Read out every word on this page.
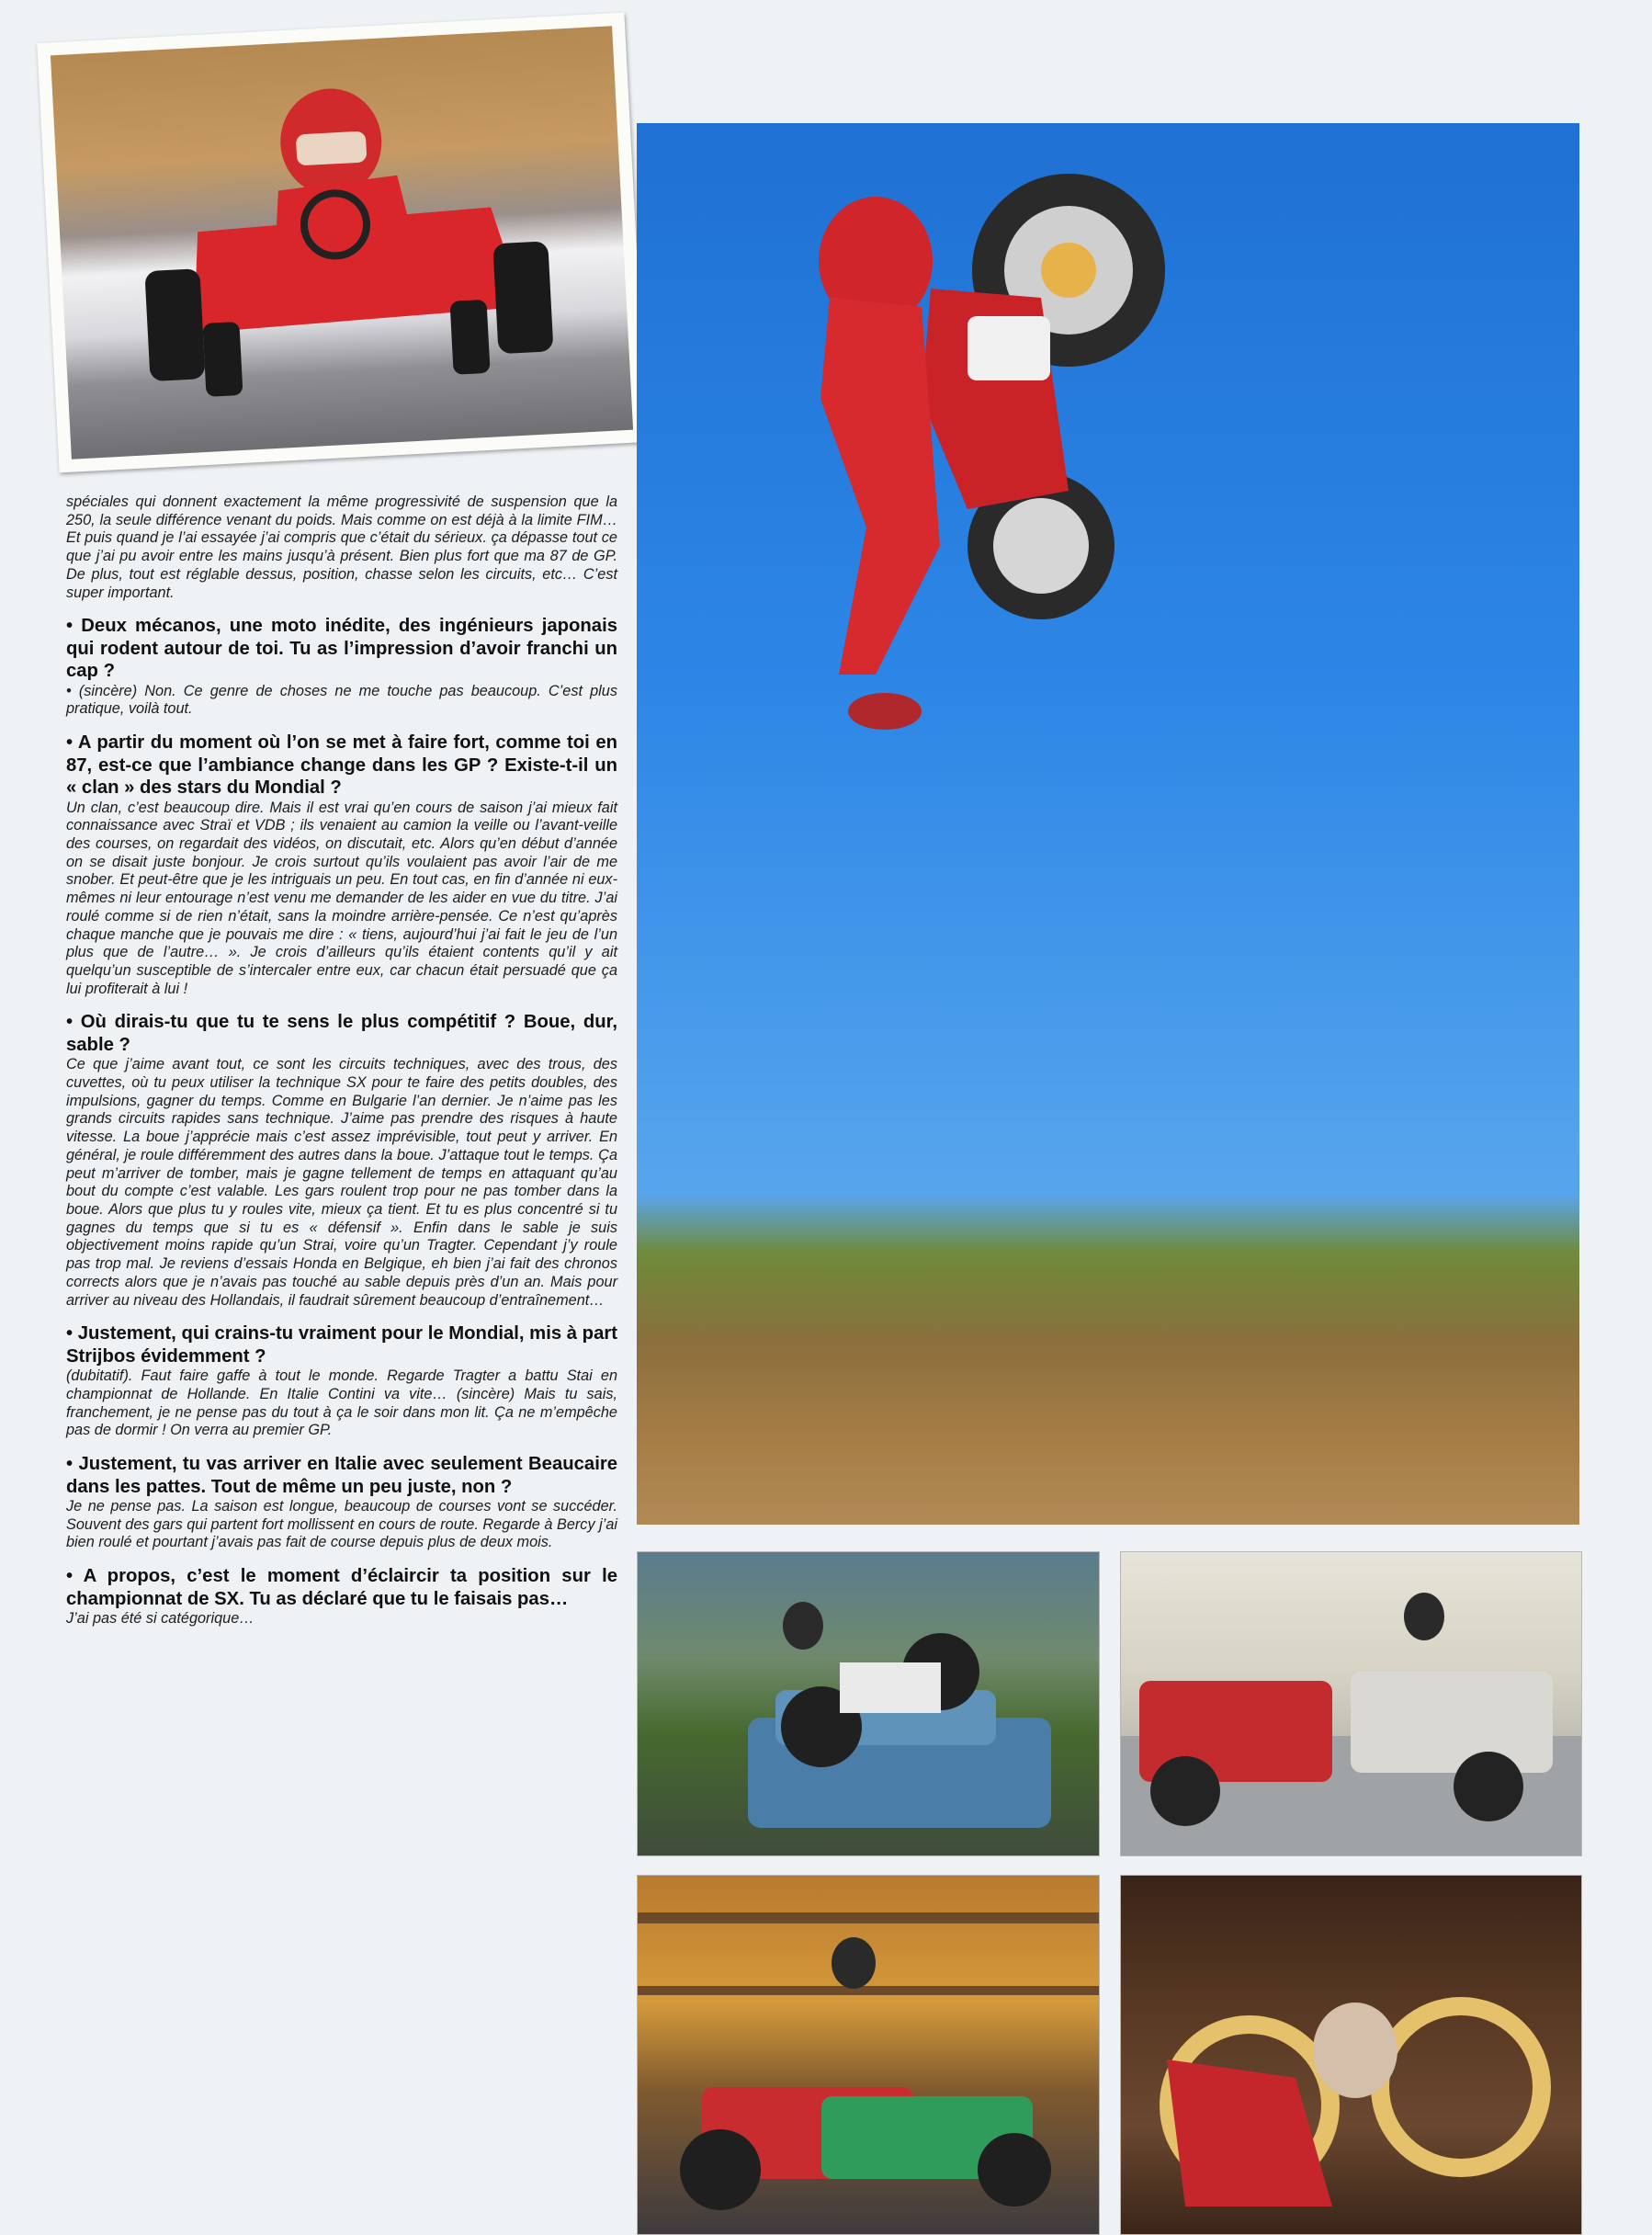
spéciales qui donnent exactement la même progressivité de suspension que la 250, la seule différence venant du poids. Mais comme on est déjà à la limite FIM… Et puis quand je l’ai essayée j’ai compris que c’était du sérieux. ça dépasse tout ce que j’ai pu avoir entre les mains jusqu’à présent. Bien plus fort que ma 87 de GP. De plus, tout est réglable dessus, position, chasse selon les circuits, etc… C’est super important.

• Deux mécanos, une moto inédite, des ingénieurs japonais qui rodent autour de toi. Tu as l’impression d’avoir franchi un cap ?

• (sincère) Non. Ce genre de choses ne me touche pas beaucoup. C’est plus pratique, voilà tout.

• A partir du moment où l’on se met à faire fort, comme toi en 87, est-ce que l’ambiance change dans les GP ? Existe-t-il un « clan » des stars du Mondial ?

Un clan, c’est beaucoup dire. Mais il est vrai qu’en cours de saison j’ai mieux fait connaissance avec Straï et VDB ; ils venaient au camion la veille ou l’avant-veille des courses, on regardait des vidéos, on discutait, etc. Alors qu’en début d’année on se disait juste bonjour. Je crois surtout qu’ils voulaient pas avoir l’air de me snober. Et peut-être que je les intriguais un peu. En tout cas, en fin d’année ni eux-mêmes ni leur entourage n’est venu me demander de les aider en vue du titre. J’ai roulé comme si de rien n’était, sans la moindre arrière-pensée. Ce n’est qu’après chaque manche que je pouvais me dire : « tiens, aujourd’hui j’ai fait le jeu de l’un plus que de l’autre… ». Je crois d’ailleurs qu’ils étaient contents qu’il y ait quelqu’un susceptible de s’intercaler entre eux, car chacun était persuadé que ça lui profiterait à lui !

• Où dirais-tu que tu te sens le plus compétitif ? Boue, dur, sable ?

Ce que j’aime avant tout, ce sont les circuits techniques, avec des trous, des cuvettes, où tu peux utiliser la technique SX pour te faire des petits doubles, des impulsions, gagner du temps. Comme en Bulgarie l’an dernier. Je n’aime pas les grands circuits rapides sans technique. J’aime pas prendre des risques à haute vitesse. La boue j’apprécie mais c’est assez imprévisible, tout peut y arriver. En général, je roule différemment des autres dans la boue. J’attaque tout le temps. Ça peut m’arriver de tomber, mais je gagne tellement de temps en attaquant qu’au bout du compte c’est valable. Les gars roulent trop pour ne pas tomber dans la boue. Alors que plus tu y roules vite, mieux ça tient. Et tu es plus concentré si tu gagnes du temps que si tu es « défensif ». Enfin dans le sable je suis objectivement moins rapide qu’un Strai, voire qu’un Tragter. Cependant j’y roule pas trop mal. Je reviens d’essais Honda en Belgique, eh bien j’ai fait des chronos corrects alors que je n’avais pas touché au sable depuis près d’un an. Mais pour arriver au niveau des Hollandais, il faudrait sûrement beaucoup d’entraînement…

• Justement, qui crains-tu vraiment pour le Mondial, mis à part Strijbos évidemment ?

(dubitatif). Faut faire gaffe à tout le monde. Regarde Tragter a battu Stai en championnat de Hollande. En Italie Contini va vite… (sincère) Mais tu sais, franchement, je ne pense pas du tout à ça le soir dans mon lit. Ça ne m’empêche pas de dormir ! On verra au premier GP.

• Justement, tu vas arriver en Italie avec seulement Beaucaire dans les pattes. Tout de même un peu juste, non ?

Je ne pense pas. La saison est longue, beaucoup de courses vont se succéder. Souvent des gars qui partent fort mollissent en cours de route. Regarde à Bercy j’ai bien roulé et pourtant j’avais pas fait de course depuis plus de deux mois.

• A propos, c’est le moment d’éclaircir ta position sur le championnat de SX. Tu as déclaré que tu le faisais pas…

J’ai pas été si catégorique…
